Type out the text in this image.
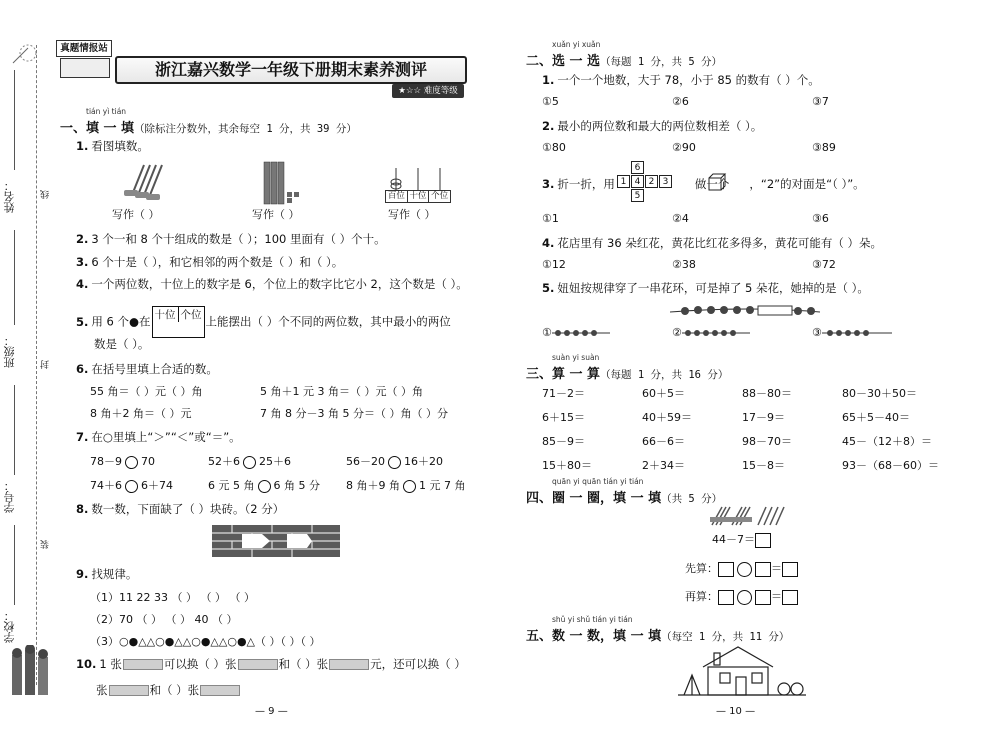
姓名：	线
班级：	封
学号：
装
学校：
真题情报站
浙江嘉兴数学一年级下册期末素养测评
★☆☆ 难度等级
tián yì tián
一、填 一 填（除标注分数外，其余每空 1 分，共 39 分）
1. 看图填数。
写作（ ）	写作（ ）
百位 十位 个位
写作（ ）
2. 3 个一和 8 个十组成的数是（ ）；100 里面有（ ）个十。
3. 6 个十是（ ），和它相邻的两个数是（ ）和（ ）。
4. 一个两位数，十位上的数字是 6，个位上的数字比它小 2，这个数是（ ）。
5. 用 6 个●在 十位 个位 上能摆出（ ）个不同的两位数，其中最小的两位
数是（ ）。
6. 在括号里填上合适的数。
55 角＝（ ）元（ ）角	5 角＋1 元 3 角＝（ ）元（ ）角
8 角＋2 角＝（ ）元	7 角 8 分－3 角 5 分＝（ ）角（ ）分
7. 在○里填上“＞”“＜”或“＝”。
78－9 70	52＋6 25＋6	56－20 16＋20
74＋6 6＋74	6 元 5 角 6 角 5 分 8 角＋9 角 1 元 7 角
8. 数一数，下面缺了（ ）块砖。（2 分）
9. 找规律。
（1）11 22 33 （ ） （ ） （ ）
（2）70 （ ） （ ） 40 （ ）
（3）○●△△○●△△○●△△○●△（ ）（ ）（ ）
10. 1 张	可以换（ ）张	和（ ）张	元，还可以换（ ）
张	和（ ）张
— 9 —
xuǎn yi xuǎn
二、选 一 选（每题 1 分，共 5 分）
1. 一个一个地数，大于 78，小于 85 的数有（ ）个。
①5	②6	③7
2. 最小的两位数和最大的两位数相差（ ）。
①80	②90	③89
3. 折一折，用	做一个 ，“2”的对面是“（ ）”。
6
1 4 2 3
5
①1	②4	③6
4. 花店里有 36 朵红花，黄花比红花多得多，黄花可能有（ ）朵。
①12	②38	③72
5. 妞妞按规律穿了一串花环，可是掉了 5 朵花，她掉的是（ ）。
①	②	③
suàn yi suàn
三、算 一 算（每题 1 分，共 16 分）
71－2＝	60＋5＝	88－80＝	80－30＋50＝
6＋15＝	40＋59＝	17－9＝	65＋5－40＝
85－9＝	66－6＝	98－70＝	45－（12＋8）＝
15＋80＝	2＋34＝	15－8＝	93－（68－60）＝
quān yi quān tián yi tián
四、圈 一 圈，填 一 填（共 5 分）
44－7＝
先算：	＝
再算：	＝
shǔ yi shǔ tián yi tián
五、数 一 数，填 一 填（每空 1 分，共 11 分）
— 10 —
